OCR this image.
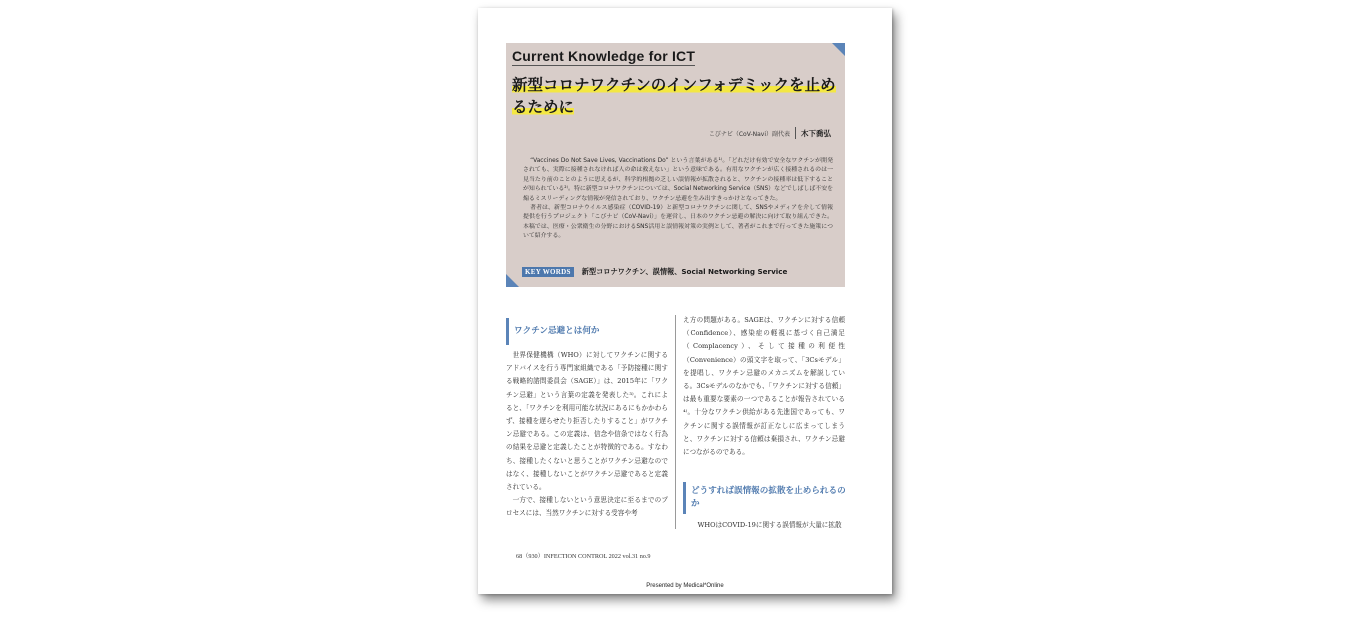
Current Knowledge for ICT
新型コロナワクチンのインフォデミックを止めるために
こびナビ（CoV-Navi）副代表 木下喬弘

“Vaccines Do Not Save Lives, Vaccinations Do” という言葉がある¹⁾。「どれだけ有効で安全なワクチンが開発されても、実際に接種されなければ人の命は救えない」という意味である。有用なワクチンが広く接種されるのは一見当たり前のことのように思えるが、科学的根拠の乏しい誤情報が拡散されると、ワクチンの接種率は低下することが知られている²⁾。特に新型コロナワクチンについては、Social Networking Service（SNS）などでしばしば不安を煽るミスリーディングな情報が発信されており、ワクチン忌避を生み出すきっかけとなってきた。

著者は、新型コロナウイルス感染症（COVID-19）と新型コロナワクチンに関して、SNSやメディアを介して情報提供を行うプロジェクト「こびナビ（CoV-Navi）」を運営し、日本のワクチン忌避の解決に向けて取り組んできた。本稿では、医療・公衆衛生の分野におけるSNS活用と誤情報対策の実例として、著者がこれまで行ってきた施策について紹介する。

KEY WORDS	新型コロナワクチン、誤情報、Social Networking Service
ワクチン忌避とは何か

世界保健機構（WHO）に対してワクチンに関するアドバイスを行う専門家組織である「予防接種に関する戦略的諮問委員会（SAGE）」は、2015年に「ワクチン忌避」という言葉の定義を発表した³⁾。これによると、「ワクチンを利用可能な状況にあるにもかかわらず、接種を遅らせたり拒否したりすること」がワクチン忌避である。この定義は、信念や信条ではなく行為の結果を忌避と定義したことが特徴的である。すなわち、接種したくないと思うことがワクチン忌避なのではなく、接種しないことがワクチン忌避であると定義されている。

一方で、接種しないという意思決定に至るまでのプロセスには、当然ワクチンに対する受容や考

え方の問題がある。SAGEは、ワクチンに対する信頼（Confidence）、感染症の軽視に基づく自己満足（Complacency）、そして接種の利便性（Convenience）の頭文字を取って、「3Csモデル」を提唱し、ワクチン忌避のメカニズムを解説している。3Csモデルのなかでも、「ワクチンに対する信頼」は最も重要な要素の一つであることが報告されている⁴⁾。十分なワクチン供給がある先進国であっても、ワクチンに関する誤情報が訂正なしに広まってしまうと、ワクチンに対する信頼は棄損され、ワクチン忌避につながるのである。

どうすれば誤情報の拡散を止められるのか

WHOはCOVID-19に関する誤情報が大量に拡散

68（930）INFECTION CONTROL 2022 vol.31 no.9
Presented by Medical*Online
